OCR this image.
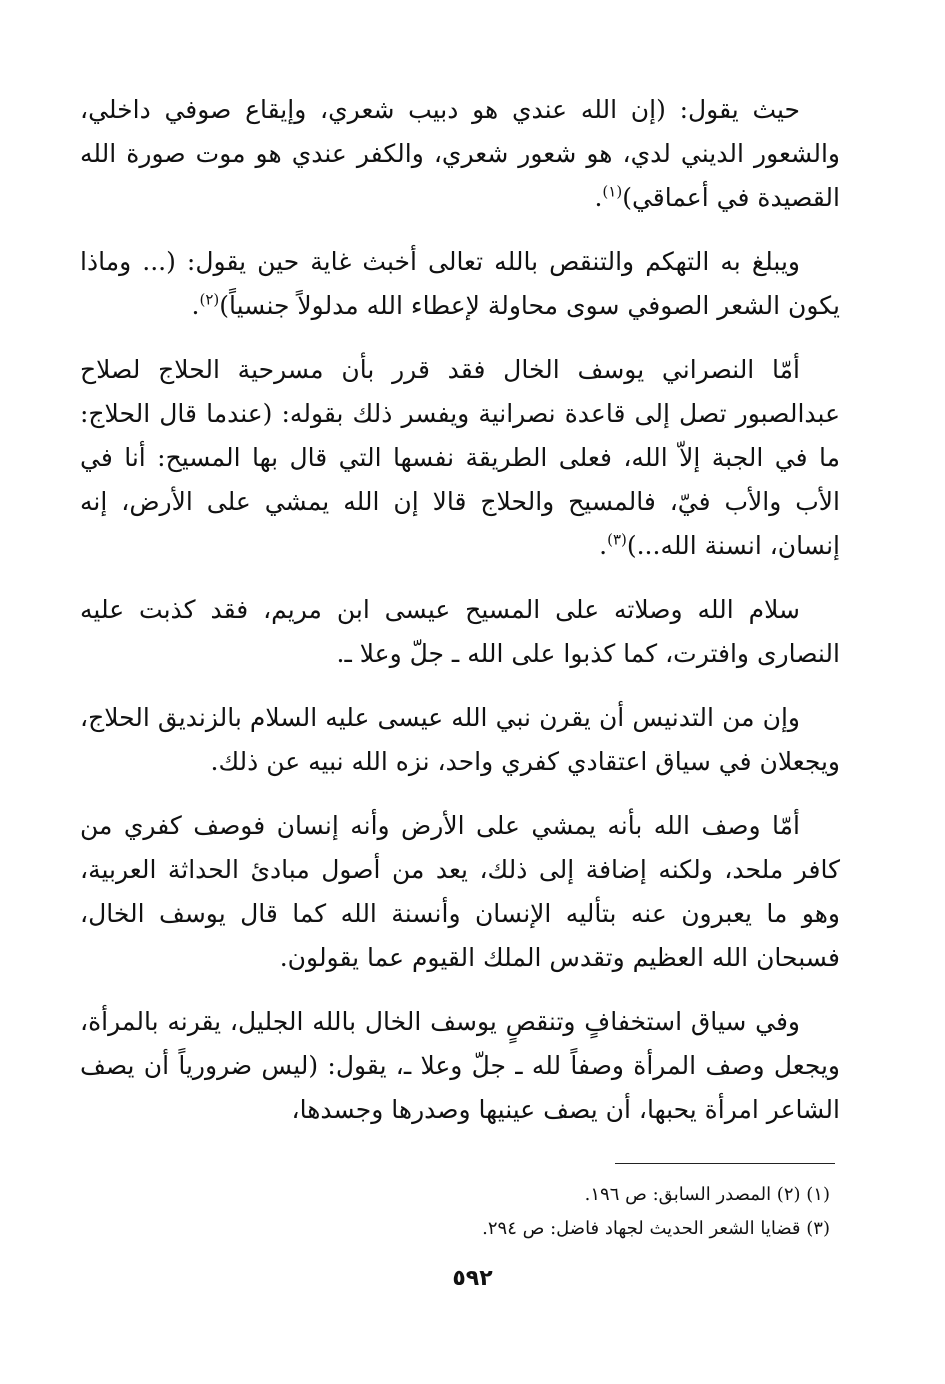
حيث يقول: (إن الله عندي هو دبيب شعري، وإيقاع صوفي داخلي، والشعور الديني لدي، هو شعور شعري، والكفر عندي هو موت صورة الله القصيدة في أعماقي)$^{(١)}$.

ويبلغ به التهكم والتنقص بالله تعالى أخبث غاية حين يقول: (... وماذا يكون الشعر الصوفي سوى محاولة لإعطاء الله مدلولاً جنسياً)$^{(٢)}$.

أمّا النصراني يوسف الخال فقد قرر بأن مسرحية الحلاج لصلاح عبدالصبور تصل إلى قاعدة نصرانية ويفسر ذلك بقوله: (عندما قال الحلاج: ما في الجبة إلاّ الله، فعلى الطريقة نفسها التي قال بها المسيح: أنا في الأب والأب فيّ، فالمسيح والحلاج قالا إن الله يمشي على الأرض، إنه إنسان، انسنة الله...)$^{(٣)}$.

سلام الله وصلاته على المسيح عيسى ابن مريم، فقد كذبت عليه النصارى وافترت، كما كذبوا على الله ـ جلّ وعلا ـ.

وإن من التدنيس أن يقرن نبي الله عيسى عليه السلام بالزنديق الحلاج، ويجعلان في سياق اعتقادي كفري واحد، نزه الله نبيه عن ذلك.

أمّا وصف الله بأنه يمشي على الأرض وأنه إنسان فوصف كفري من كافر ملحد، ولكنه إضافة إلى ذلك، يعد من أصول مبادئ الحداثة العربية، وهو ما يعبرون عنه بتأليه الإنسان وأنسنة الله كما قال يوسف الخال، فسبحان الله العظيم وتقدس الملك القيوم عما يقولون.

وفي سياق استخفافٍ وتنقصٍ يوسف الخال بالله الجليل، يقرنه بالمرأة، ويجعل وصف المرأة وصفاً لله ـ جلّ وعلا ـ، يقول: (ليس ضرورياً أن يصف الشاعر امرأة يحبها، أن يصف عينيها وصدرها وجسدها،

(١) (٢) المصدر السابق: ص ١٩٦.
(٣) قضايا الشعر الحديث لجهاد فاضل: ص ٢٩٤.
٥٩٢
